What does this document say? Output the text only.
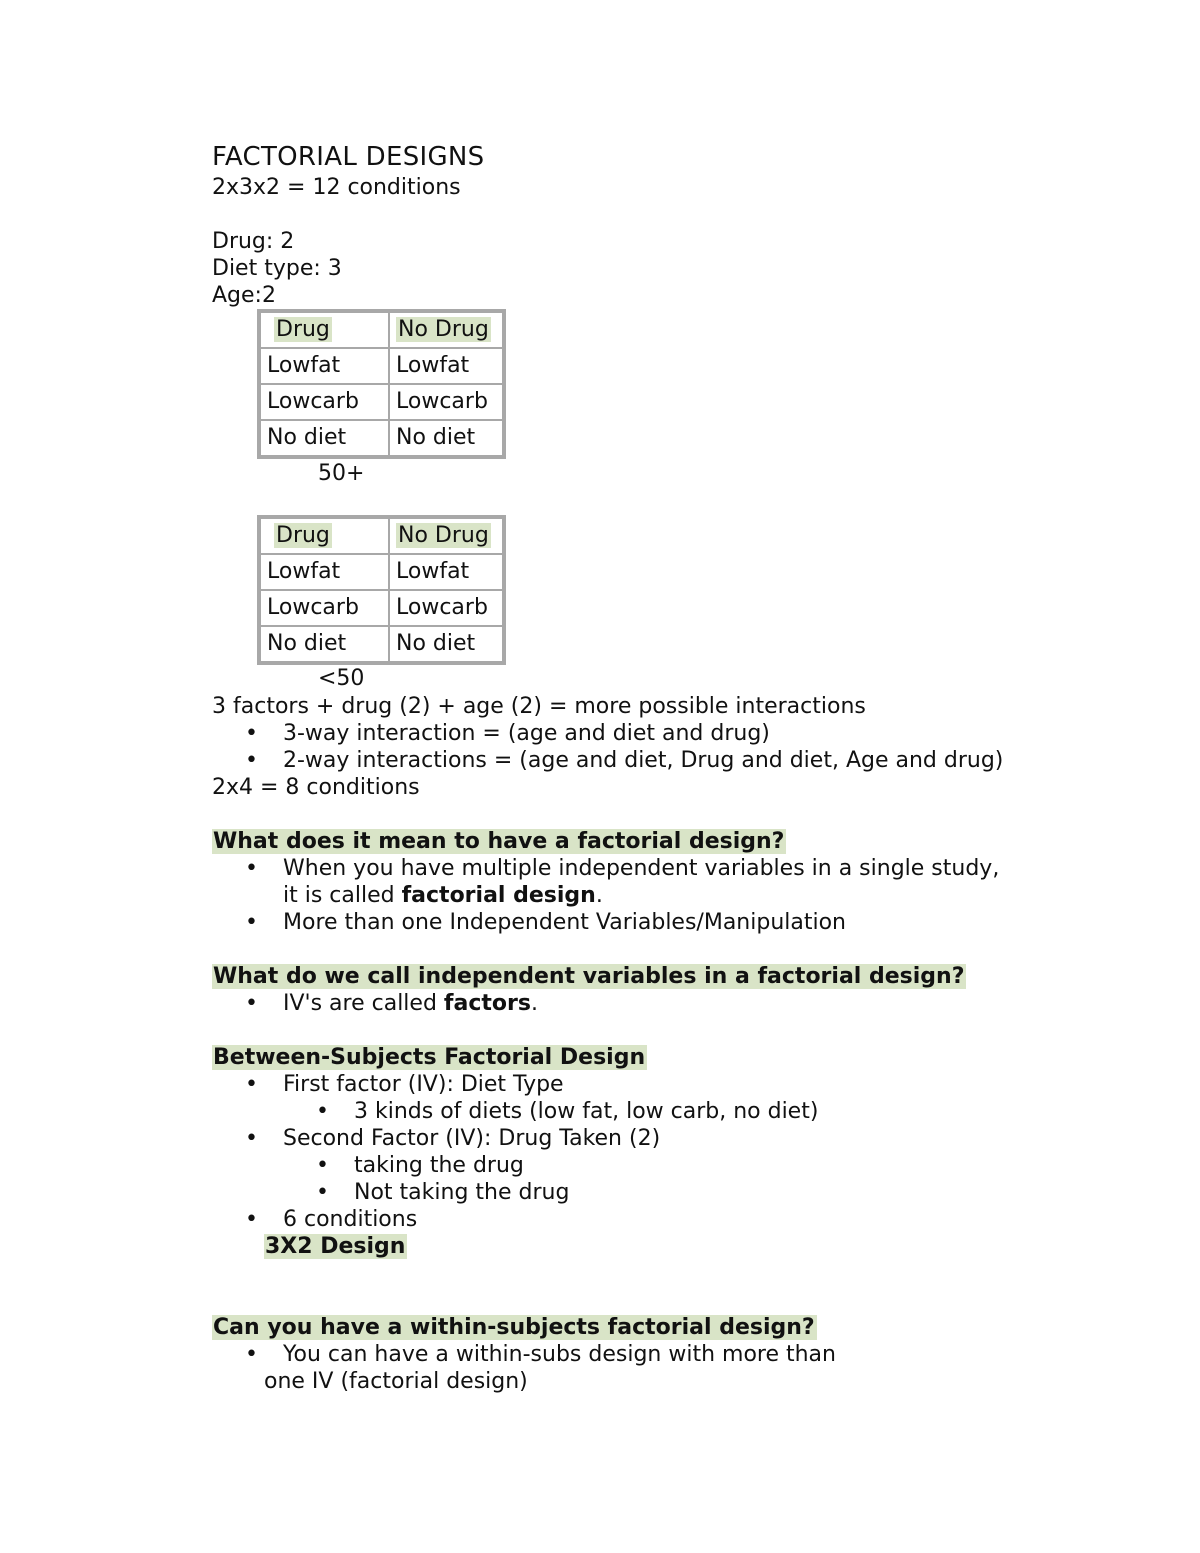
FACTORIAL DESIGNS
2x3x2 = 12 conditions
Drug: 2
Diet type: 3
Age:2
Drug	No Drug
Lowfat	Lowfat
Lowcarb	Lowcarb
No diet	No diet
50+
Drug	No Drug
Lowfat	Lowfat
Lowcarb	Lowcarb
No diet	No diet
<50
3 factors + drug (2) + age (2) = more possible interactions
• 3-way interaction = (age and diet and drug)
• 2-way interactions = (age and diet, Drug and diet, Age and drug)
2x4 = 8 conditions
What does it mean to have a factorial design?
• When you have multiple independent variables in a single study,
it is called factorial design.
• More than one Independent Variables/Manipulation
What do we call independent variables in a factorial design?
• IV's are called factors.
Between-Subjects Factorial Design
• First factor (IV): Diet Type
• 3 kinds of diets (low fat, low carb, no diet)
• Second Factor (IV): Drug Taken (2)
• taking the drug
• Not taking the drug
• 6 conditions
3X2 Design
Can you have a within-subjects factorial design?
• You can have a within-subs design with more than
one IV (factorial design)
